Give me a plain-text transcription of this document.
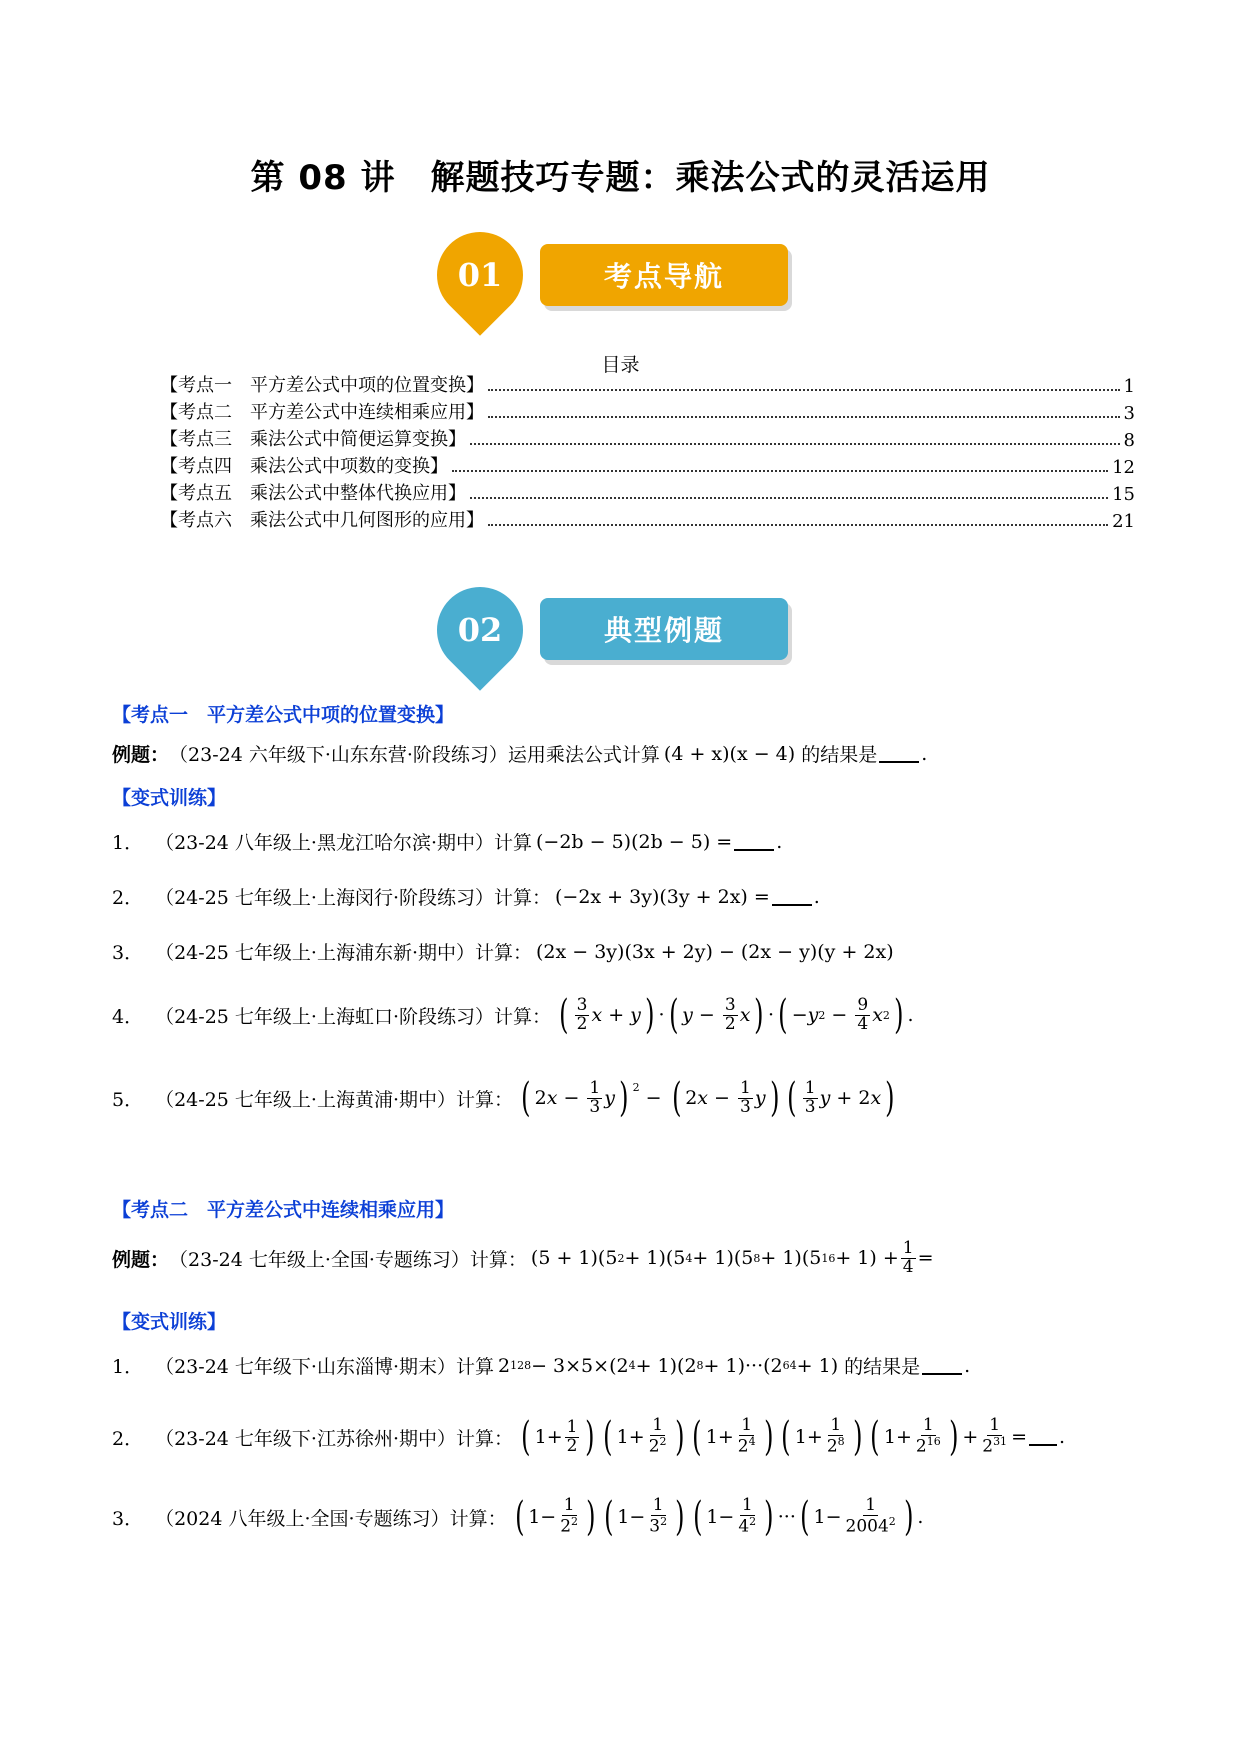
第 08 讲　解题技巧专题：乘法公式的灵活运用
01	考点导航
目录
【考点一　平方差公式中项的位置变换】	1
【考点二　平方差公式中连续相乘应用】	3
【考点三　乘法公式中简便运算变换】	8
【考点四　乘法公式中项数的变换】	12
【考点五　乘法公式中整体代换应用】	15
【考点六　乘法公式中几何图形的应用】	21
02	典型例题
【考点一　平方差公式中项的位置变换】
例题： （23-24 六年级下·山东东营·阶段练习）运用乘法公式计算 (4 + x)(x − 4) 的结果是 .
【变式训练】
1． （23-24 八年级上·黑龙江哈尔滨·期中）计算 (−2b − 5)(2b − 5) = .
2． （24-25 七年级上·上海闵行·阶段练习）计算： (−2x + 3y)(3y + 2x) = .
3． （24-25 七年级上·上海浦东新·期中）计算： (2x − 3y)(3x + 2y) − (2x − y)(y + 2x)
4． （24-25 七年级上·上海虹口·阶段练习）计算： ( $\frac{3}{2}$ x + y ) · ( $y - \frac{3}{2}$ x ) · ( − y $2 - \frac{9}{4}$ x 2 ) .
5． （24-25 七年级上·上海黄浦·期中）计算： ( 2 $x - \frac{1}{3}$ y ) $^2$ − ( 2 $x - \frac{1}{3}$ y ) ( $\frac{1}{3}$ y + 2 x )
【考点二　平方差公式中连续相乘应用】
例题： （23-24 七年级上·全国·专题练习）计算： (5 + 1)(5 2 + 1)(5 4 + 1)(5 8 + 1)(5 $16 + 1) + \frac{1}{4}$ =
【变式训练】
1． （23-24 七年级下·山东淄博·期末）计算 2 128 − 3×5×(2 4 + 1)(2 8 + 1)···(2 64 + 1) 的结果是 .
2． （23-24 七年级下·江苏徐州·期中）计算： ( $1+ \frac{1}{2}$ ) ( $1+ \frac{1}{2^2}$ ) ( $1+ \frac{1}{2^4}$ ) ( $1+ \frac{1}{2^8}$ ) ( $1+ \frac{1}{2^{16}}$ ) + $\frac{1}{2^{31}}$ = .
3． （2024 八年级上·全国·专题练习）计算： ( $1- \frac{1}{2^2}$ ) ( $1- \frac{1}{3^2}$ ) ( $1- \frac{1}{4^2}$ ) ··· ( $1- \frac{1}{2004^2}$ ) .
